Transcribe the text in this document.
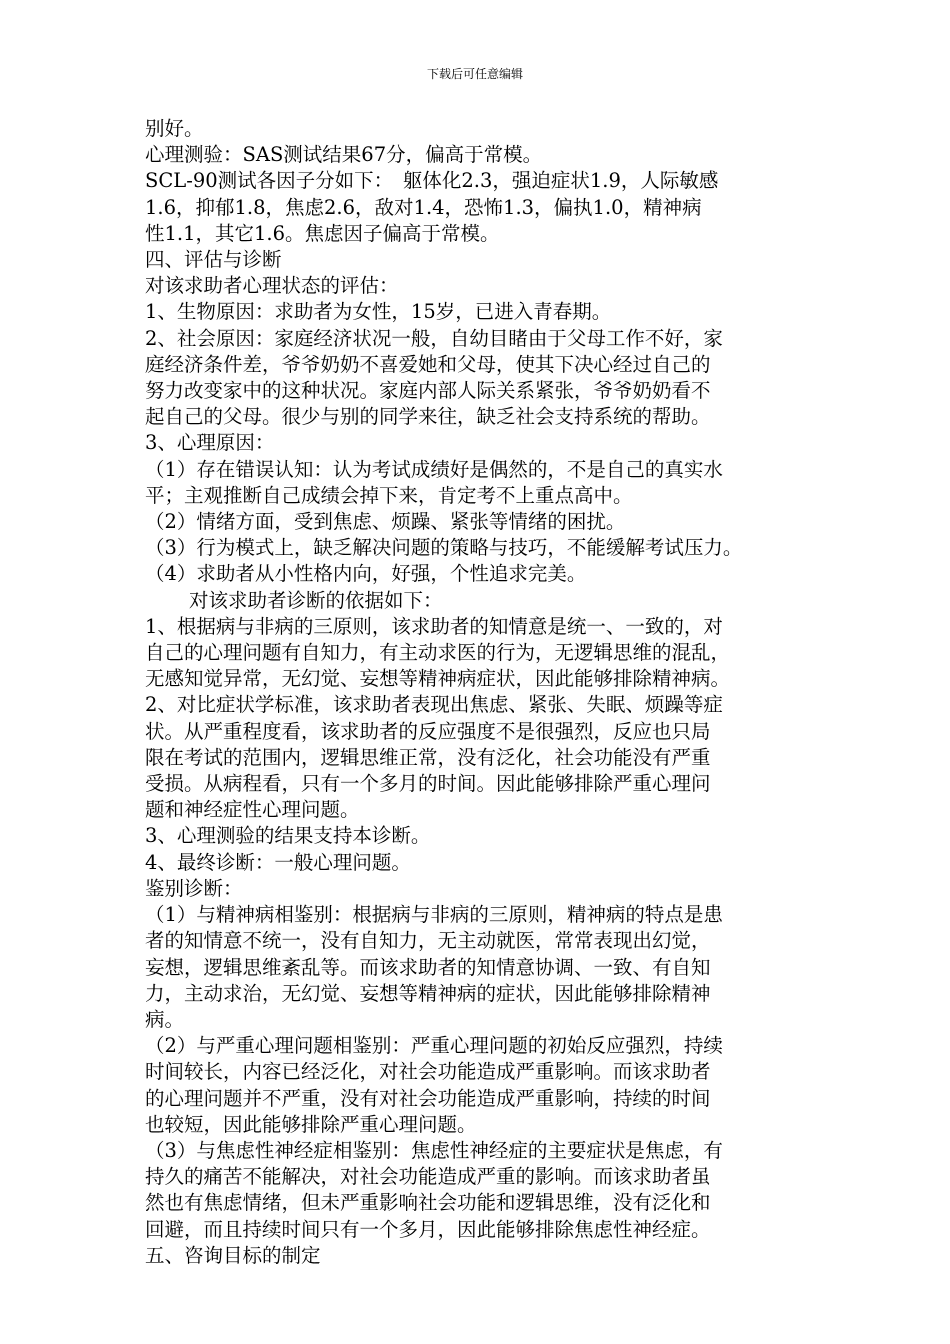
下载后可任意编辑
别好。
心理测验：SAS测试结果67分，偏高于常模。
SCL-90测试各因子分如下：　躯体化2.3，强迫症状1.9，人际敏感
1.6，抑郁1.8，焦虑2.6，敌对1.4，恐怖1.3，偏执1.0，精神病
性1.1，其它1.6。焦虑因子偏高于常模。
四、评估与诊断
对该求助者心理状态的评估：
1、生物原因：求助者为女性，15岁，已进入青春期。
2、社会原因：家庭经济状况一般，自幼目睹由于父母工作不好，家
庭经济条件差，爷爷奶奶不喜爱她和父母，使其下决心经过自己的
努力改变家中的这种状况。家庭内部人际关系紧张，爷爷奶奶看不
起自己的父母。很少与别的同学来往，缺乏社会支持系统的帮助。
3、心理原因：
（1）存在错误认知：认为考试成绩好是偶然的，不是自己的真实水
平；主观推断自己成绩会掉下来，肯定考不上重点高中。
（2）情绪方面，受到焦虑、烦躁、紧张等情绪的困扰。
（3）行为模式上，缺乏解决问题的策略与技巧，不能缓解考试压力。
（4）求助者从小性格内向，好强，个性追求完美。
对该求助者诊断的依据如下：
1、根据病与非病的三原则，该求助者的知情意是统一、一致的，对
自己的心理问题有自知力，有主动求医的行为，无逻辑思维的混乱，
无感知觉异常，无幻觉、妄想等精神病症状，因此能够排除精神病。
2、对比症状学标准，该求助者表现出焦虑、紧张、失眠、烦躁等症
状。从严重程度看，该求助者的反应强度不是很强烈，反应也只局
限在考试的范围内，逻辑思维正常，没有泛化，社会功能没有严重
受损。从病程看，只有一个多月的时间。因此能够排除严重心理问
题和神经症性心理问题。
3、心理测验的结果支持本诊断。
4、最终诊断：一般心理问题。
鉴别诊断：
（1）与精神病相鉴别：根据病与非病的三原则，精神病的特点是患
者的知情意不统一，没有自知力，无主动就医，常常表现出幻觉，
妄想，逻辑思维紊乱等。而该求助者的知情意协调、一致、有自知
力，主动求治，无幻觉、妄想等精神病的症状，因此能够排除精神
病。
（2）与严重心理问题相鉴别：严重心理问题的初始反应强烈，持续
时间较长，内容已经泛化，对社会功能造成严重影响。而该求助者
的心理问题并不严重，没有对社会功能造成严重影响，持续的时间
也较短，因此能够排除严重心理问题。
（3）与焦虑性神经症相鉴别：焦虑性神经症的主要症状是焦虑，有
持久的痛苦不能解决，对社会功能造成严重的影响。而该求助者虽
然也有焦虑情绪，但未严重影响社会功能和逻辑思维，没有泛化和
回避，而且持续时间只有一个多月，因此能够排除焦虑性神经症。
五、咨询目标的制定
